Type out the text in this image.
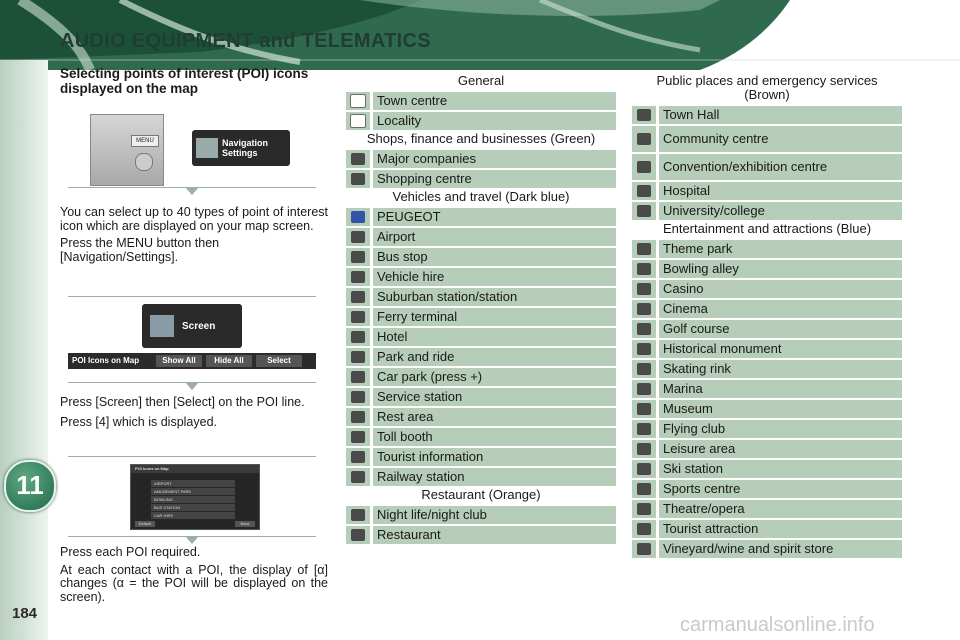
AUDIO EQUIPMENT and TELEMATICS
11
184
carmanualsonline.info

Selecting points of interest (POI) icons displayed on the map

MENU	Navigation Settings

You can select up to 40 types of point of interest icon which are displayed on your map screen.

Press the MENU button then [Navigation/Settings].

Screen
POI Icons on Map	Show All	Hide All	Select

Press [Screen] then [Select] on the POI line.

Press [4] which is displayed.

POI Icons on Map
AIRPORT
AMUSEMENT PARK
BOWLING
BUS STATION
CAR HIRE
Default	Back

Press each POI required.

At each contact with a POI, the display of [α] changes (α = the POI will be displayed on the screen).

General
Town centre
Locality
Shops, finance and businesses (Green)
Major companies
Shopping centre
Vehicles and travel (Dark blue)
PEUGEOT
Airport
Bus stop
Vehicle hire
Suburban station/station
Ferry terminal
Hotel
Park and ride
Car park (press +)
Service station
Rest area
Toll booth
Tourist information
Railway station
Restaurant (Orange)
Night life/night club
Restaurant
Public places and emergency services (Brown)
Town Hall
Community centre
Convention/exhibition centre
Hospital
University/college
Entertainment and attractions (Blue)
Theme park
Bowling alley
Casino
Cinema
Golf course
Historical monument
Skating rink
Marina
Museum
Flying club
Leisure area
Ski station
Sports centre
Theatre/opera
Tourist attraction
Vineyard/wine and spirit store
